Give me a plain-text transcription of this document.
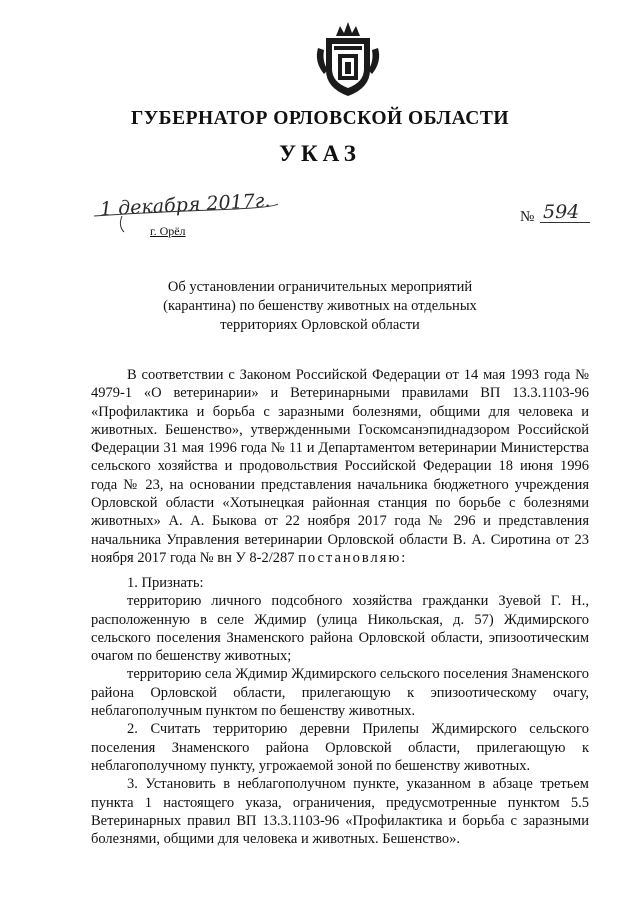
ГУБЕРНАТОР ОРЛОВСКОЙ ОБЛАСТИ
УКАЗ
1 декабря 2017г.
г. Орёл
№ 594
Об установлении ограничительных мероприятий
(карантина) по бешенству животных на отдельных
территориях Орловской области

В соответствии с Законом Российской Федерации от 14 мая 1993 года № 4979-1 «О ветеринарии» и Ветеринарными правилами ВП 13.3.1103-96 «Профилактика и борьба с заразными болезнями, общими для человека и животных. Бешенство», утвержденными Госкомсанэпиднадзором Российской Федерации 31 мая 1996 года № 11 и Департаментом ветеринарии Министерства сельского хозяйства и продовольствия Российской Федерации 18 июня 1996 года № 23, на основании представления начальника бюджетного учреждения Орловской области «Хотынецкая районная станция по борьбе с болезнями животных» А. А. Быкова от 22 ноября 2017 года № 296 и представления начальника Управления ветеринарии Орловской области В. А. Сиротина от 23 ноября 2017 года № вн У 8-2/287 постановляю:

1. Признать:

территорию личного подсобного хозяйства гражданки Зуевой Г. Н., расположенную в селе Ждимир (улица Никольская, д. 57) Ждимирского сельского поселения Знаменского района Орловской области, эпизоотическим очагом по бешенству животных;

территорию села Ждимир Ждимирского сельского поселения Знаменского района Орловской области, прилегающую к эпизоотическому очагу, неблагополучным пунктом по бешенству животных.

2. Считать территорию деревни Прилепы Ждимирского сельского поселения Знаменского района Орловской области, прилегающую к неблагополучному пункту, угрожаемой зоной по бешенству животных.

3. Установить в неблагополучном пункте, указанном в абзаце третьем пункта 1 настоящего указа, ограничения, предусмотренные пунктом 5.5 Ветеринарных правил ВП 13.3.1103-96 «Профилактика и борьба с заразными болезнями, общими для человека и животных. Бешенство».
